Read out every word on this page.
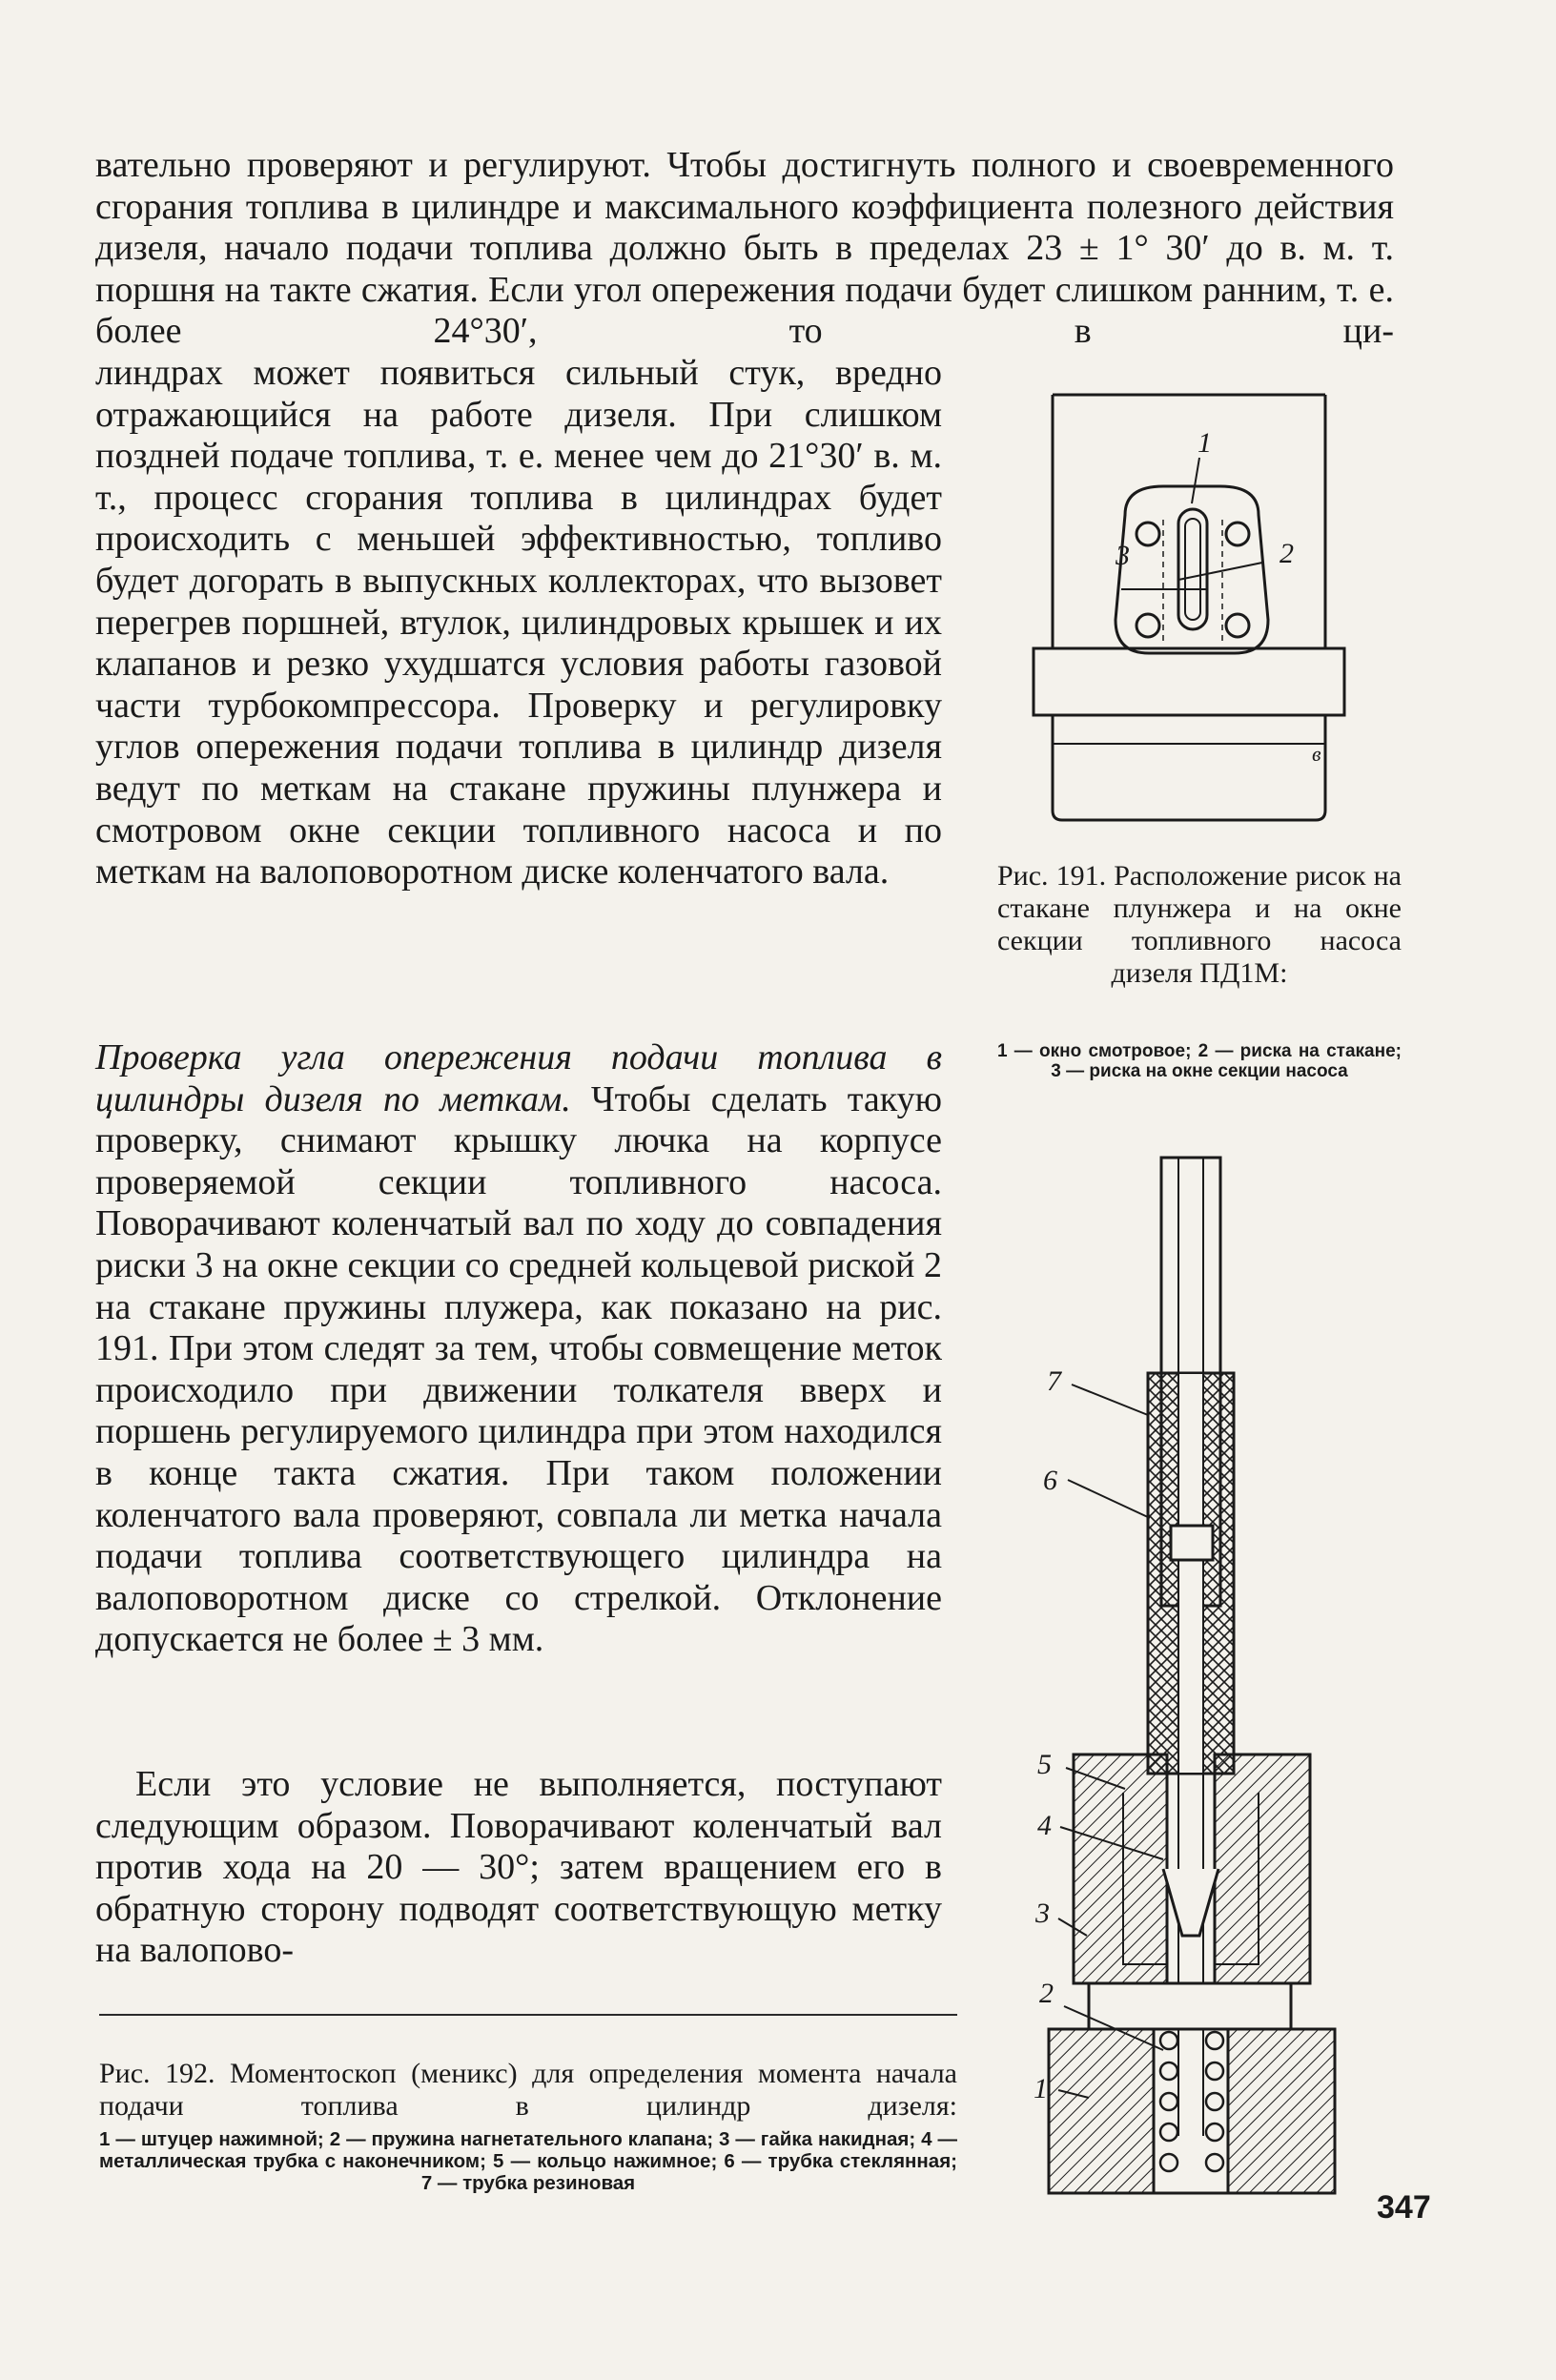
вательно проверяют и регулируют. Чтобы достигнуть полного и своевременного сгорания топлива в цилиндре и максимального коэффициента полезного действия дизеля, начало подачи топлива должно быть в пределах 23 ± 1° 30′ до в. м. т. поршня на такте сжатия. Если угол опережения подачи будет слишком ранним, т. е. более 24°30′, то в ци-

линдрах может появиться сильный стук, вредно отражающийся на работе дизеля. При слишком поздней подаче топлива, т. е. менее чем до 21°30′ в. м. т., процесс сгорания топлива в цилиндрах будет происходить с меньшей эффективностью, топливо будет догорать в выпускных коллекторах, что вызовет перегрев поршней, втулок, цилиндровых крышек и их клапанов и резко ухудшатся условия работы газовой части турбокомпрессора. Проверку и регулировку углов опережения подачи топлива в цилиндр дизеля ведут по меткам на стакане пружины плунжера и смотровом окне секции топливного насоса и по меткам на валоповоротном диске коленчатого вала.

Проверка угла опережения подачи топлива в цилиндры дизеля по меткам. Чтобы сделать такую проверку, снимают крышку лючка на корпусе проверяемой секции топливного насоса. Поворачивают коленчатый вал по ходу до совпадения риски 3 на окне секции со средней кольцевой риской 2 на стакане пружины плужера, как показано на рис. 191. При этом следят за тем, чтобы совмещение меток происходило при движении толкателя вверх и поршень регулируемого цилиндра при этом находился в конце такта сжатия. При таком положении коленчатого вала проверяют, совпала ли метка начала подачи топлива соответствующего цилиндра на валоповоротном диске со стрелкой. Отклонение допускается не более ± 3 мм.

Если это условие не выполняется, поступают следующим образом. Поворачивают коленчатый вал против хода на 20 — 30°; затем вращением его в обратную сторону подводят соответствующую метку на валопово-

1
2
3
в

Рис. 191. Расположение рисок на стакане плунжера и на окне секции топливного насоса дизеля ПД1М:

1 — окно смотровое; 2 — риска на стакане; 3 — риска на окне секции насоса

7
6
5
4
3
2
1

Рис. 192. Моментоскоп (меникс) для определения момента начала подачи топлива в цилиндр дизеля:

1 — штуцер нажимной; 2 — пружина нагнетательного клапана; 3 — гайка накидная; 4 — металлическая трубка с наконечником; 5 — кольцо нажимное; 6 — трубка стеклянная; 7 — трубка резиновая

347
